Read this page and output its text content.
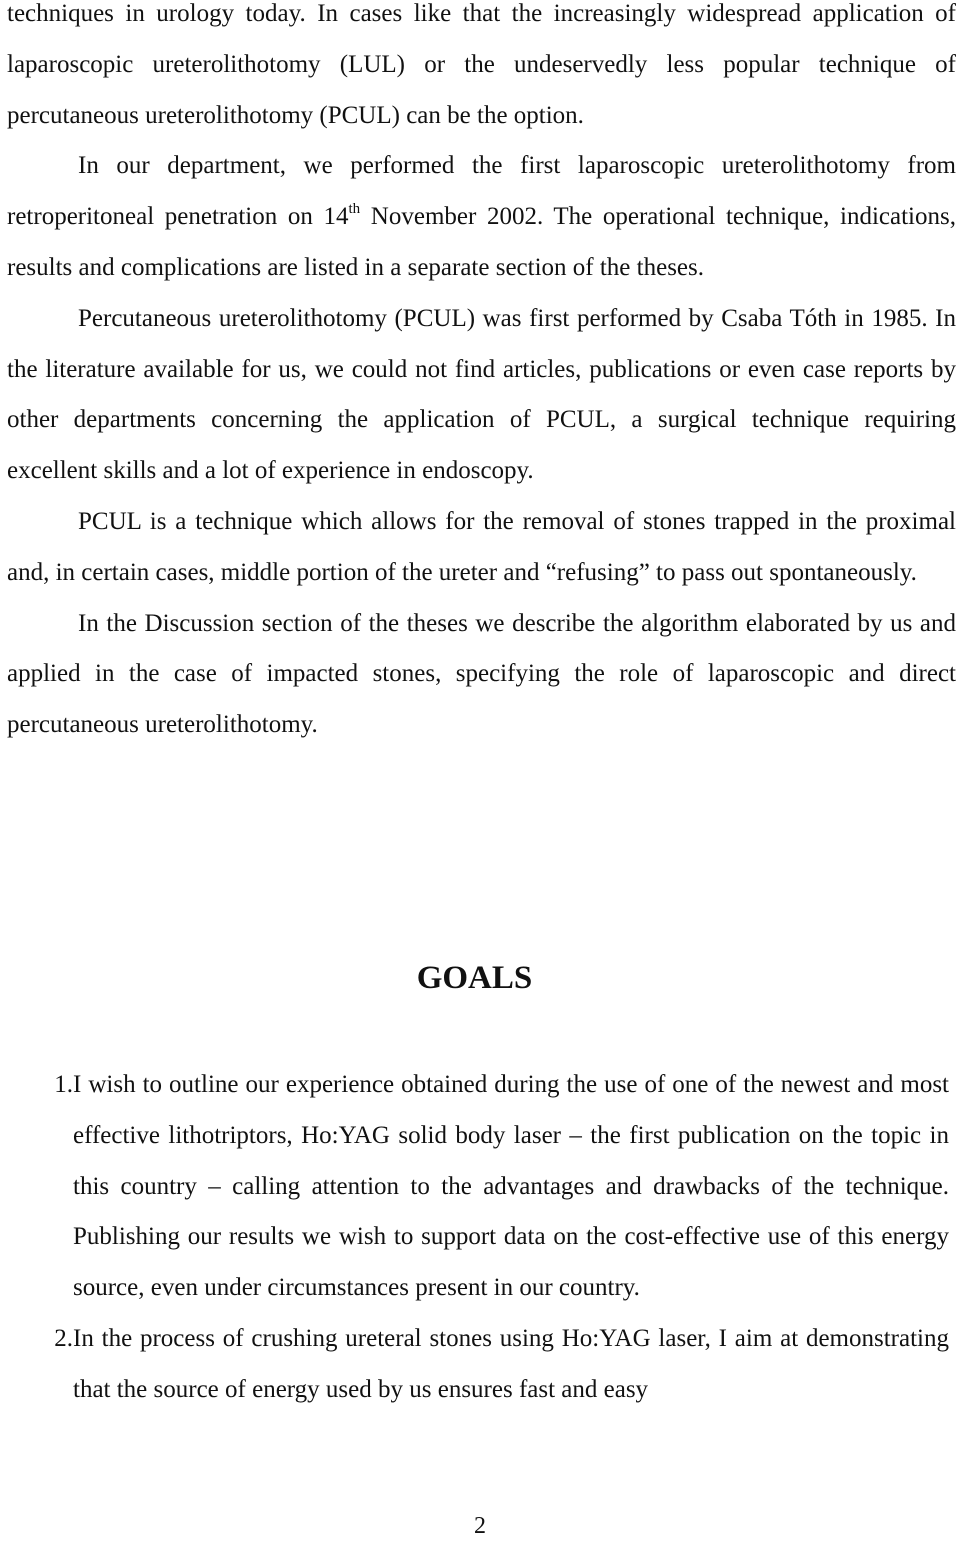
techniques in urology today. In cases like that the increasingly widespread application of laparoscopic ureterolithotomy (LUL) or the undeservedly less popular technique of percutaneous ureterolithotomy (PCUL) can be the option.

In our department, we performed the first laparoscopic ureterolithotomy from retroperitoneal penetration on 14th November 2002. The operational technique, indications, results and complications are listed in a separate section of the theses.

Percutaneous ureterolithotomy (PCUL) was first performed by Csaba Tóth in 1985. In the literature available for us, we could not find articles, publications or even case reports by other departments concerning the application of PCUL, a surgical technique requiring excellent skills and a lot of experience in endoscopy.

PCUL is a technique which allows for the removal of stones trapped in the proximal and, in certain cases, middle portion of the ureter and “refusing” to pass out spontaneously.

In the Discussion section of the theses we describe the algorithm elaborated by us and applied in the case of impacted stones, specifying the role of laparoscopic and direct percutaneous ureterolithotomy.

GOALS
1. I wish to outline our experience obtained during the use of one of the newest and most effective lithotriptors, Ho:YAG solid body laser – the first publication on the topic in this country – calling attention to the advantages and drawbacks of the technique. Publishing our results we wish to support data on the cost-effective use of this energy source, even under circumstances present in our country.
2. In the process of crushing ureteral stones using Ho:YAG laser, I aim at demonstrating that the source of energy used by us ensures fast and easy
2
